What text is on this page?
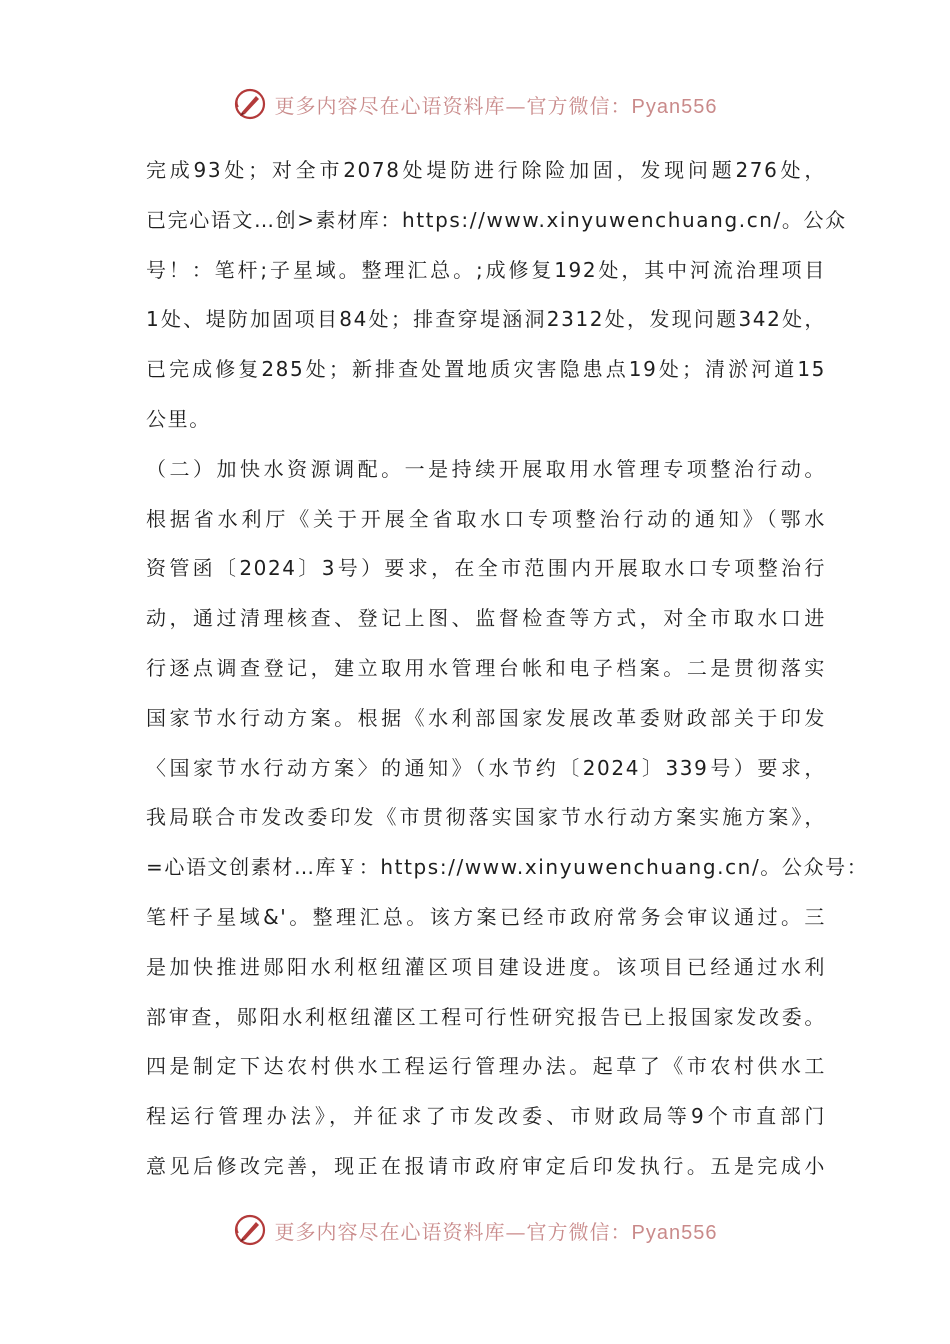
更多内容尽在心语资料库—官方微信：Pyan556
完成93处；对全市2078处堤防进行除险加固，发现问题276处，
已完心语文…创>素材库：https://www.xinyuwenchuang.cn/。公众
号！：笔杆;子星域。整理汇总。;成修复192处，其中河流治理项目
1处、堤防加固项目84处；排查穿堤涵洞2312处，发现问题342处，
已完成修复285处；新排查处置地质灾害隐患点19处；清淤河道15
公里。
（二）加快水资源调配。一是持续开展取用水管理专项整治行动。
根据省水利厅《关于开展全省取水口专项整治行动的通知》（鄂水
资管函〔2024〕3号）要求，在全市范围内开展取水口专项整治行
动，通过清理核查、登记上图、监督检查等方式，对全市取水口进
行逐点调查登记，建立取用水管理台帐和电子档案。二是贯彻落实
国家节水行动方案。根据《水利部国家发展改革委财政部关于印发
〈国家节水行动方案〉的通知》（水节约〔2024〕339号）要求，
我局联合市发改委印发《市贯彻落实国家节水行动方案实施方案》，
=心语文创素材…库￥：https://www.xinyuwenchuang.cn/。公众号：
笔杆子星域&'。整理汇总。该方案已经市政府常务会审议通过。三
是加快推进郧阳水利枢纽灌区项目建设进度。该项目已经通过水利
部审查，郧阳水利枢纽灌区工程可行性研究报告已上报国家发改委。
四是制定下达农村供水工程运行管理办法。起草了《市农村供水工
程运行管理办法》，并征求了市发改委、市财政局等9个市直部门
意见后修改完善，现正在报请市政府审定后印发执行。五是完成小
更多内容尽在心语资料库—官方微信：Pyan556
